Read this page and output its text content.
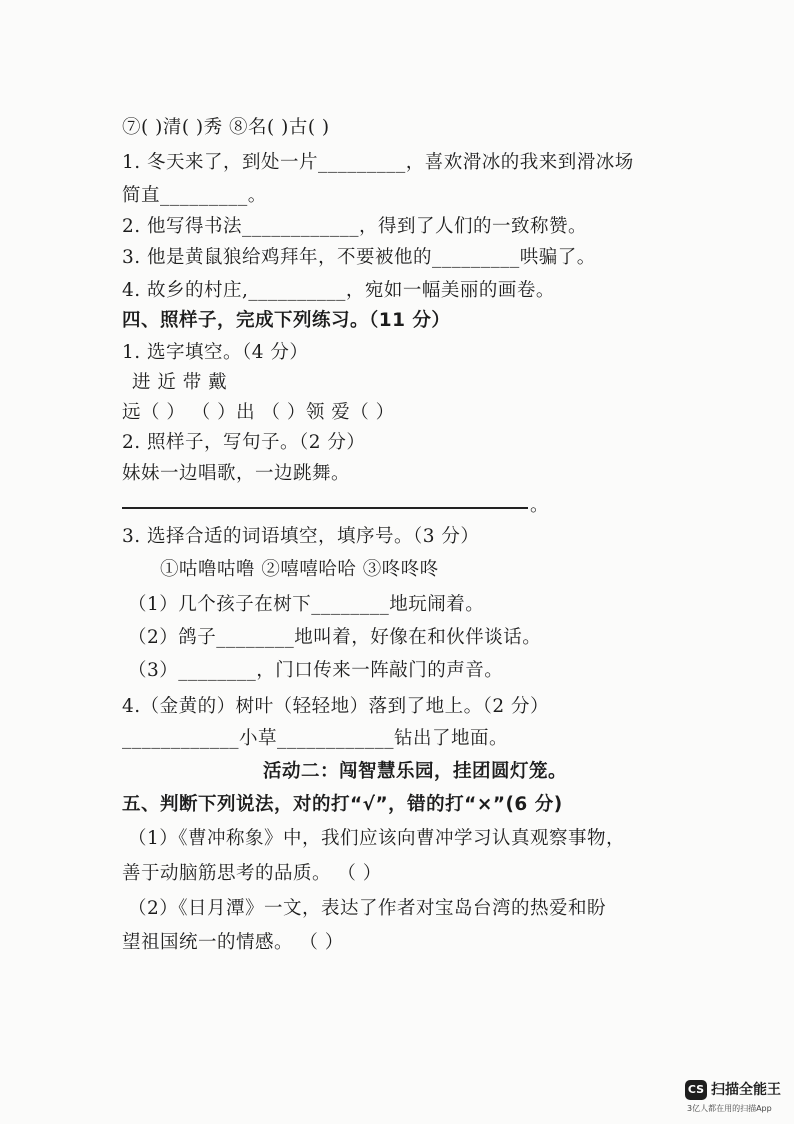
⑦( )清( )秀 ⑧名( )古( )
1. 冬天来了，到处一片_________，喜欢滑冰的我来到滑冰场
简直_________。
2. 他写得书法____________，得到了人们的一致称赞。
3. 他是黄鼠狼给鸡拜年，不要被他的_________哄骗了。
4. 故乡的村庄,__________，宛如一幅美丽的画卷。
四、照样子，完成下列练习。（11 分）
1. 选字填空。（4 分）
进 近 带 戴
远（ ） （ ）出 （ ）领 爱（ ）
2. 照样子，写句子。（2 分）
妹妹一边唱歌，一边跳舞。
3. 选择合适的词语填空，填序号。（3 分）
①咕噜咕噜 ②嘻嘻哈哈 ③咚咚咚
（1）几个孩子在树下________地玩闹着。
（2）鸽子________地叫着，好像在和伙伴谈话。
（3）________，门口传来一阵敲门的声音。
4.（金黄的）树叶（轻轻地）落到了地上。（2 分）
____________小草____________钻出了地面。
活动二：闯智慧乐园，挂团圆灯笼。
五、判断下列说法，对的打“√”，错的打“×”(6 分)
（1）《曹冲称象》中，我们应该向曹冲学习认真观察事物，
善于动脑筋思考的品质。 （ ）
（2）《日月潭》一文，表达了作者对宝岛台湾的热爱和盼
望祖国统一的情感。 （ ）
。
CS 扫描全能王
3亿人都在用的扫描App
